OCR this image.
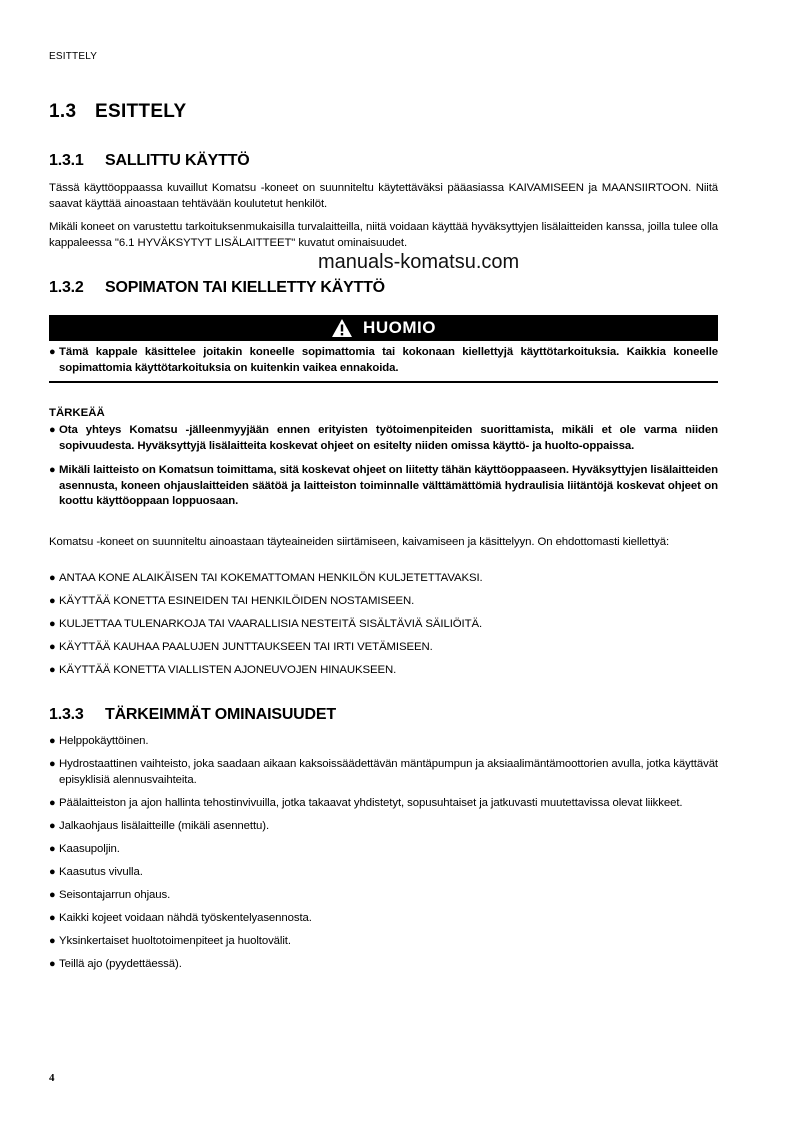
ESITTELY
1.3 ESITTELY
1.3.1 SALLITTU KÄYTTÖ
Tässä käyttöoppaassa kuvaillut Komatsu -koneet on suunniteltu käytettäväksi pääasiassa KAIVAMISEEN ja MAANSIIRTOON. Niitä saavat käyttää ainoastaan tehtävään koulutetut henkilöt.
Mikäli koneet on varustettu tarkoituksenmukaisilla turvalaitteilla, niitä voidaan käyttää hyväksyttyjen lisälaitteiden kanssa, joilla tulee olla kappaleessa "6.1 HYVÄKSYTYT LISÄLAITTEET" kuvatut ominaisuudet.
manuals-komatsu.com
1.3.2 SOPIMATON TAI KIELLETTY KÄYTTÖ
HUOMIO
● Tämä kappale käsittelee joitakin koneelle sopimattomia tai kokonaan kiellettyjä käyttötarkoituksia. Kaikkia koneelle sopimattomia käyttötarkoituksia on kuitenkin vaikea ennakoida.
TÄRKEÄÄ
● Ota yhteys Komatsu -jälleenmyyjään ennen erityisten työtoimenpiteiden suorittamista, mikäli et ole varma niiden sopivuudesta. Hyväksyttyjä lisälaitteita koskevat ohjeet on esitelty niiden omissa käyttö- ja huolto-oppaissa.
● Mikäli laitteisto on Komatsun toimittama, sitä koskevat ohjeet on liitetty tähän käyttöoppaaseen. Hyväksyttyjen lisälaitteiden asennusta, koneen ohjauslaitteiden säätöä ja laitteiston toiminnalle välttämättömiä hydraulisia liitäntöjä koskevat ohjeet on koottu käyttöoppaan loppuosaan.
Komatsu -koneet on suunniteltu ainoastaan täyteaineiden siirtämiseen, kaivamiseen ja käsittelyyn. On ehdottomasti kiellettyä:
● ANTAA KONE ALAIKÄISEN TAI KOKEMATTOMAN HENKILÖN KULJETETTAVAKSI.
● KÄYTTÄÄ KONETTA ESINEIDEN TAI HENKILÖIDEN NOSTAMISEEN.
● KULJETTAA TULENARKOJA TAI VAARALLISIA NESTEITÄ SISÄLTÄVIÄ SÄILIÖITÄ.
● KÄYTTÄÄ KAUHAA PAALUJEN JUNTTAUKSEEN TAI IRTI VETÄMISEEN.
● KÄYTTÄÄ KONETTA VIALLISTEN AJONEUVOJEN HINAUKSEEN.
1.3.3 TÄRKEIMMÄT OMINAISUUDET
● Helppokäyttöinen.
● Hydrostaattinen vaihteisto, joka saadaan aikaan kaksoissäädettävän mäntäpumpun ja aksiaalimäntämoottorien avulla, jotka käyttävät episyklisiä alennusvaihteita.
● Päälaitteiston ja ajon hallinta tehostinvivuilla, jotka takaavat yhdistetyt, sopusuhtaiset ja jatkuvasti muutettavissa olevat liikkeet.
● Jalkaohjaus lisälaitteille (mikäli asennettu).
● Kaasupoljin.
● Kaasutus vivulla.
● Seisontajarrun ohjaus.
● Kaikki kojeet voidaan nähdä työskentelyasennosta.
● Yksinkertaiset huoltotoimenpiteet ja huoltovälit.
● Teillä ajo (pyydettäessä).
4
